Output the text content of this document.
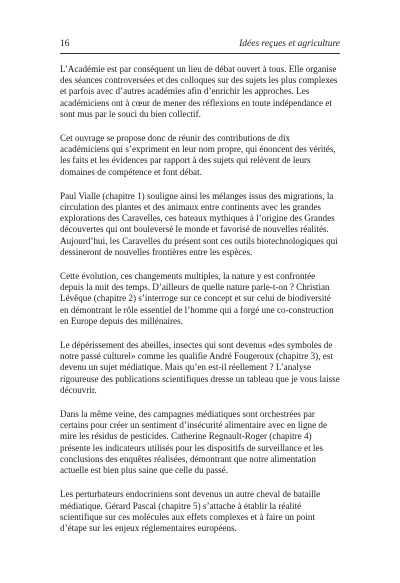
16	Idées reçues et agriculture

L’Académie est par conséquent un lieu de débat ouvert à tous. Elle organise des séances controversées et des colloques sur des sujets les plus complexes et parfois avec d’autres académies afin d’enrichir les approches. Les académiciens ont à cœur de mener des réflexions en toute indépendance et sont mus par le souci du bien collectif.

Cet ouvrage se propose donc de réunir des contributions de dix académiciens qui s’expriment en leur nom propre, qui énoncent des vérités, les faits et les évidences par rapport à des sujets qui relèvent de leurs domaines de compétence et font débat.

Paul Vialle (chapitre 1) souligne ainsi les mélanges issus des migrations, la circulation des plantes et des animaux entre continents avec les grandes explorations des Caravelles, ces bateaux mythiques à l’origine des Grandes découvertes qui ont bouleversé le monde et favorisé de nouvelles réalités. Aujourd’hui, les Caravelles du présent sont ces outils biotechnologiques qui dessineront de nouvelles frontières entre les espèces.

Cette évolution, ces changements multiples, la nature y est confrontée depuis la nuit des temps. D’ailleurs de quelle nature parle-t-on ? Christian Lévêque (chapitre 2) s’interroge sur ce concept et sur celui de biodiversité en démontrant le rôle essentiel de l’homme qui a forgé une co-construction en Europe depuis des millénaires.

Le dépérissement des abeilles, insectes qui sont devenus «des symboles de notre passé culturel» comme les qualifie André Fougeroux (chapitre 3), est devenu un sujet médiatique. Mais qu’en est-il réellement ? L’analyse rigoureuse des publications scientifiques dresse un tableau que je vous laisse découvrir.

Dans la même veine, des campagnes médiatiques sont orchestrées par certains pour créer un sentiment d’insécurité alimentaire avec en ligne de mire les résidus de pesticides. Catherine Regnault-Roger (chapitre 4) présente les indicateurs utilisés pour les dispositifs de surveillance et les conclusions des enquêtes réalisées, démontrant que notre alimentation actuelle est bien plus saine que celle du passé.

Les perturbateurs endocriniens sont devenus un autre cheval de bataille médiatique. Gérard Pascal (chapitre 5) s’attache à établir la réalité scientifique sur ces molécules aux effets complexes et à faire un point d’étape sur les enjeux réglementaires européens.
